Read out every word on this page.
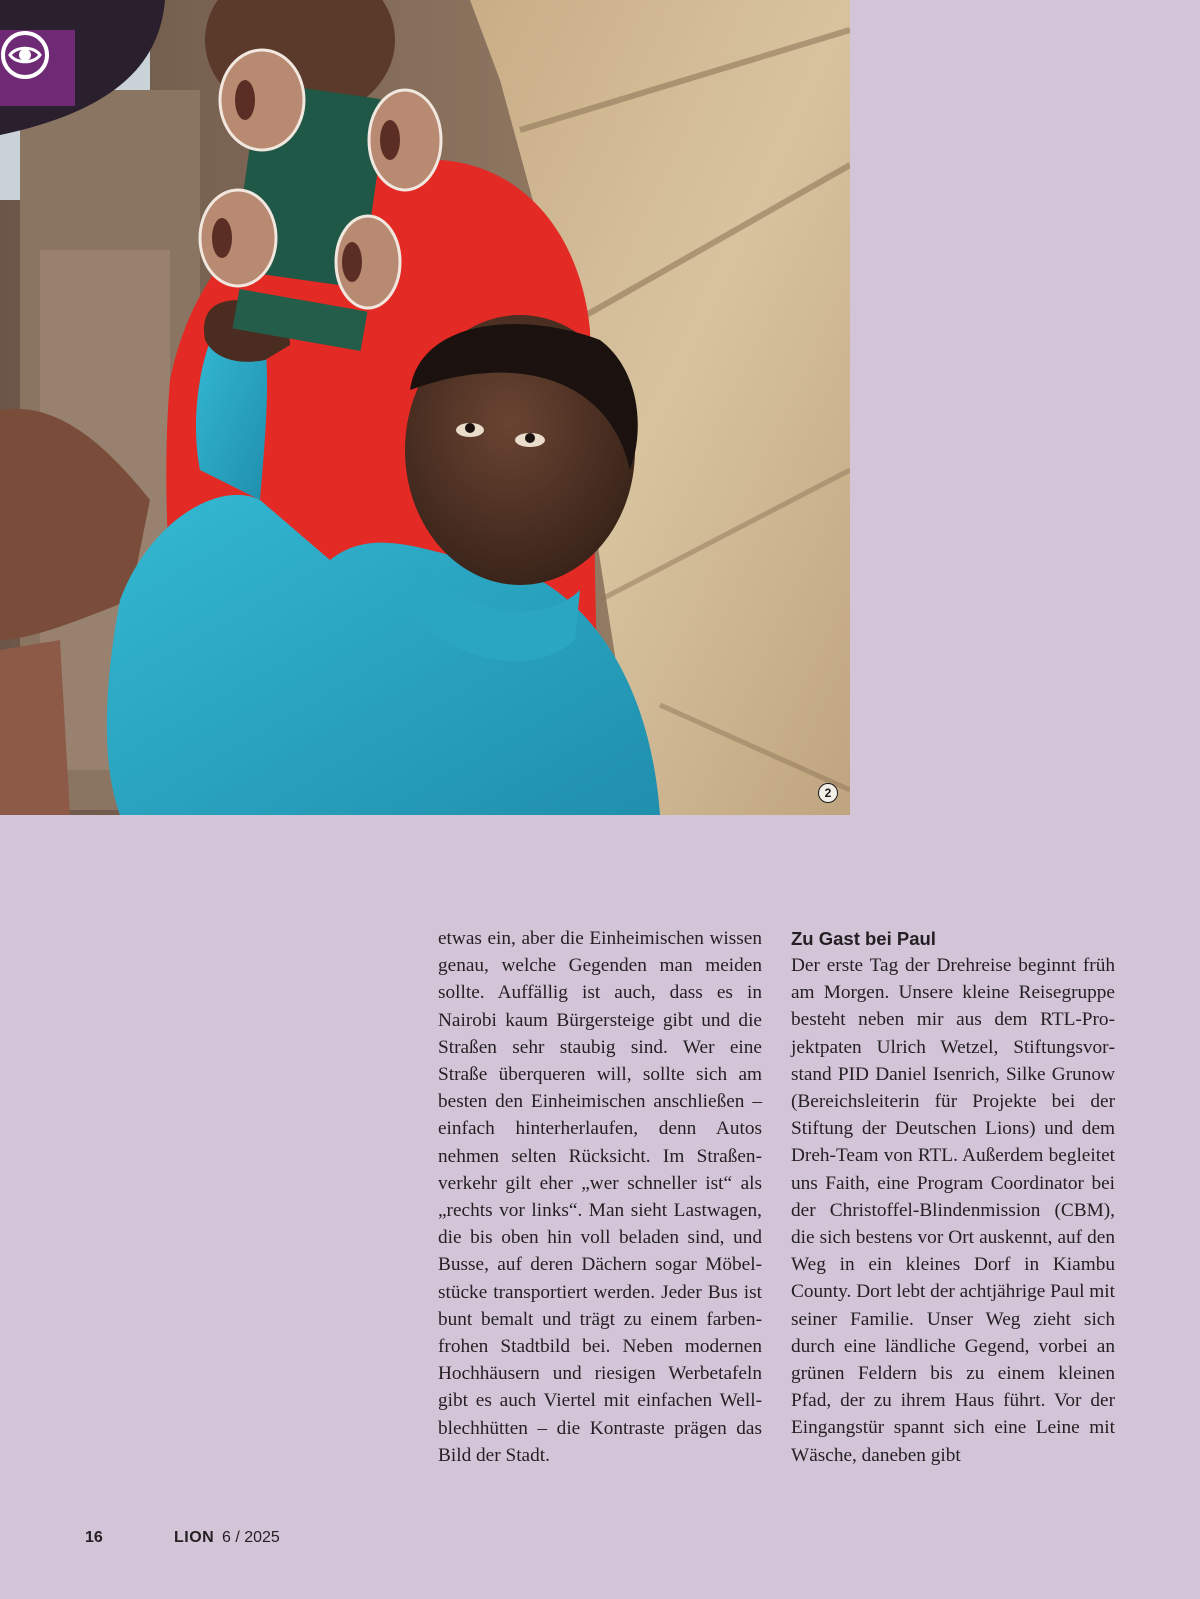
2

etwas ein, aber die Einheimischen wissen genau, welche Gegenden man meiden sollte. Auffällig ist auch, dass es in Nairobi kaum Bürgersteige gibt und die Straßen sehr staubig sind. Wer eine Straße überqueren will, sollte sich am besten den Einheimischen anschließen – einfach hinterherlaufen, denn Autos nehmen selten Rücksicht. Im Straßenverkehr gilt eher „wer schneller ist“ als „rechts vor links“. Man sieht Lastwagen, die bis oben hin voll beladen sind, und Busse, auf deren Dächern sogar Möbelstücke transportiert werden. Jeder Bus ist bunt bemalt und trägt zu einem farbenfrohen Stadtbild bei. Neben modernen Hochhäusern und riesigen Werbetafeln gibt es auch Viertel mit einfachen Wellblechhütten – die Kontraste prägen das Bild der Stadt.

Zu Gast bei Paul

Der erste Tag der Drehreise beginnt früh am Morgen. Unsere kleine Reisegruppe besteht neben mir aus dem RTL-Projektpaten Ulrich Wetzel, Stiftungsvorstand PID Daniel Isenrich, Silke Grunow (Bereichsleiterin für Projekte bei der Stiftung der Deutschen Lions) und dem Dreh-Team von RTL. Außerdem begleitet uns Faith, eine Program Coordinator bei der Christoffel-Blindenmission (CBM), die sich bestens vor Ort auskennt, auf den Weg in ein kleines Dorf in Kiambu County. Dort lebt der achtjährige Paul mit seiner Familie. Unser Weg zieht sich durch eine ländliche Gegend, vorbei an grünen Feldern bis zu einem kleinen Pfad, der zu ihrem Haus führt. Vor der Eingangstür spannt sich eine Leine mit Wäsche, daneben gibt

16	LION 6 / 2025
